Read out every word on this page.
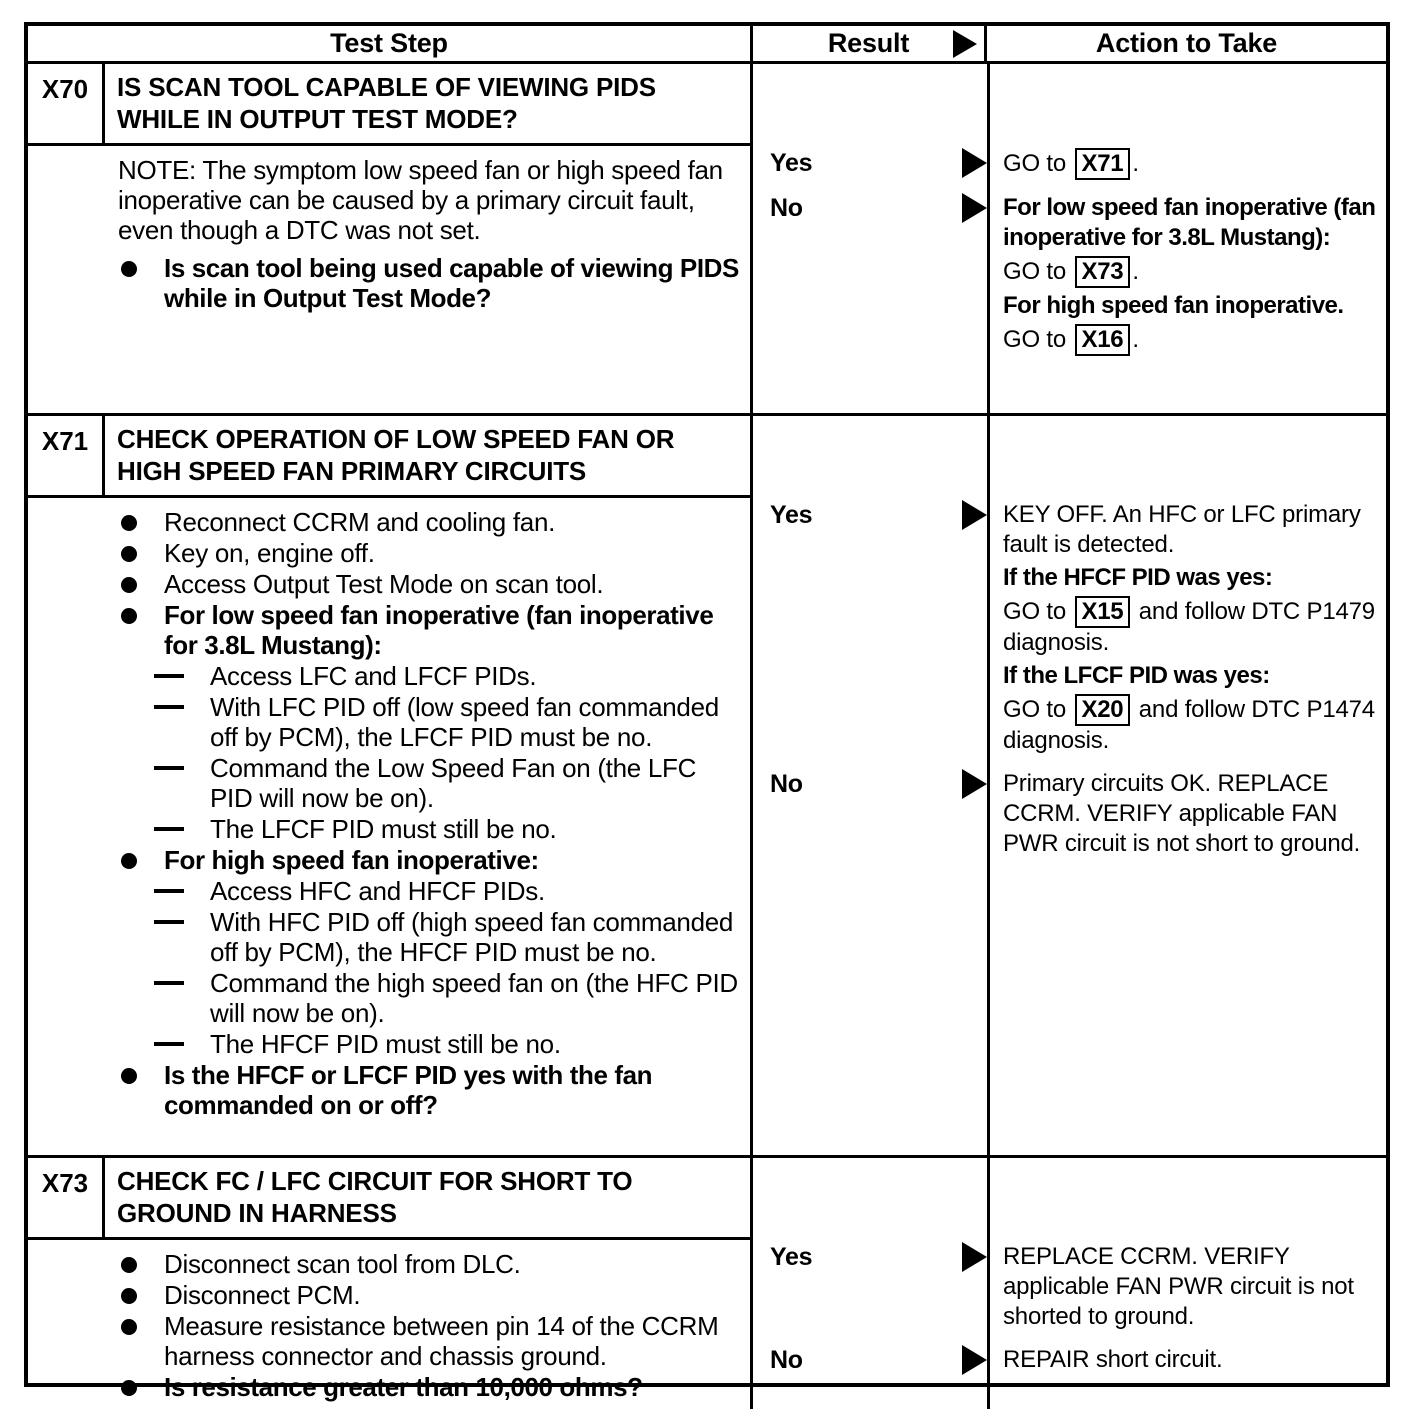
Test Step	Result	Action to Take
X70	IS SCAN TOOL CAPABLE OF VIEWING PIDS WHILE IN OUTPUT TEST MODE?
NOTE: The symptom low speed fan or high speed fan inoperative can be caused by a primary circuit fault, even though a DTC was not set.
Is scan tool being used capable of viewing PIDS while in Output Test Mode?
Yes	GO to X71 .
No	For low speed fan inoperative (fan inoperative for 3.8L Mustang):
GO to X73 .
For high speed fan inoperative.
GO to X16 .
X71	CHECK OPERATION OF LOW SPEED FAN OR HIGH SPEED FAN PRIMARY CIRCUITS
Reconnect CCRM and cooling fan.
Key on, engine off.
Access Output Test Mode on scan tool.
For low speed fan inoperative (fan inoperative for 3.8L Mustang):
Access LFC and LFCF PIDs.
With LFC PID off (low speed fan commanded off by PCM), the LFCF PID must be no.
Command the Low Speed Fan on (the LFC PID will now be on).
The LFCF PID must still be no.
For high speed fan inoperative:
Access HFC and HFCF PIDs.
With HFC PID off (high speed fan commanded off by PCM), the HFCF PID must be no.
Command the high speed fan on (the HFC PID will now be on).
The HFCF PID must still be no.
Is the HFCF or LFCF PID yes with the fan commanded on or off?
Yes	KEY OFF. An HFC or LFC primary fault is detected.
If the HFCF PID was yes:
GO to X15 and follow DTC P1479 diagnosis.
If the LFCF PID was yes:
GO to X20 and follow DTC P1474 diagnosis.
No	Primary circuits OK. REPLACE CCRM. VERIFY applicable FAN PWR circuit is not short to ground.
X73	CHECK FC / LFC CIRCUIT FOR SHORT TO GROUND IN HARNESS
Disconnect scan tool from DLC.
Disconnect PCM.
Measure resistance between pin 14 of the CCRM harness connector and chassis ground.
Is resistance greater than 10,000 ohms?
Yes	REPLACE CCRM. VERIFY applicable FAN PWR circuit is not shorted to ground.
No	REPAIR short circuit.
